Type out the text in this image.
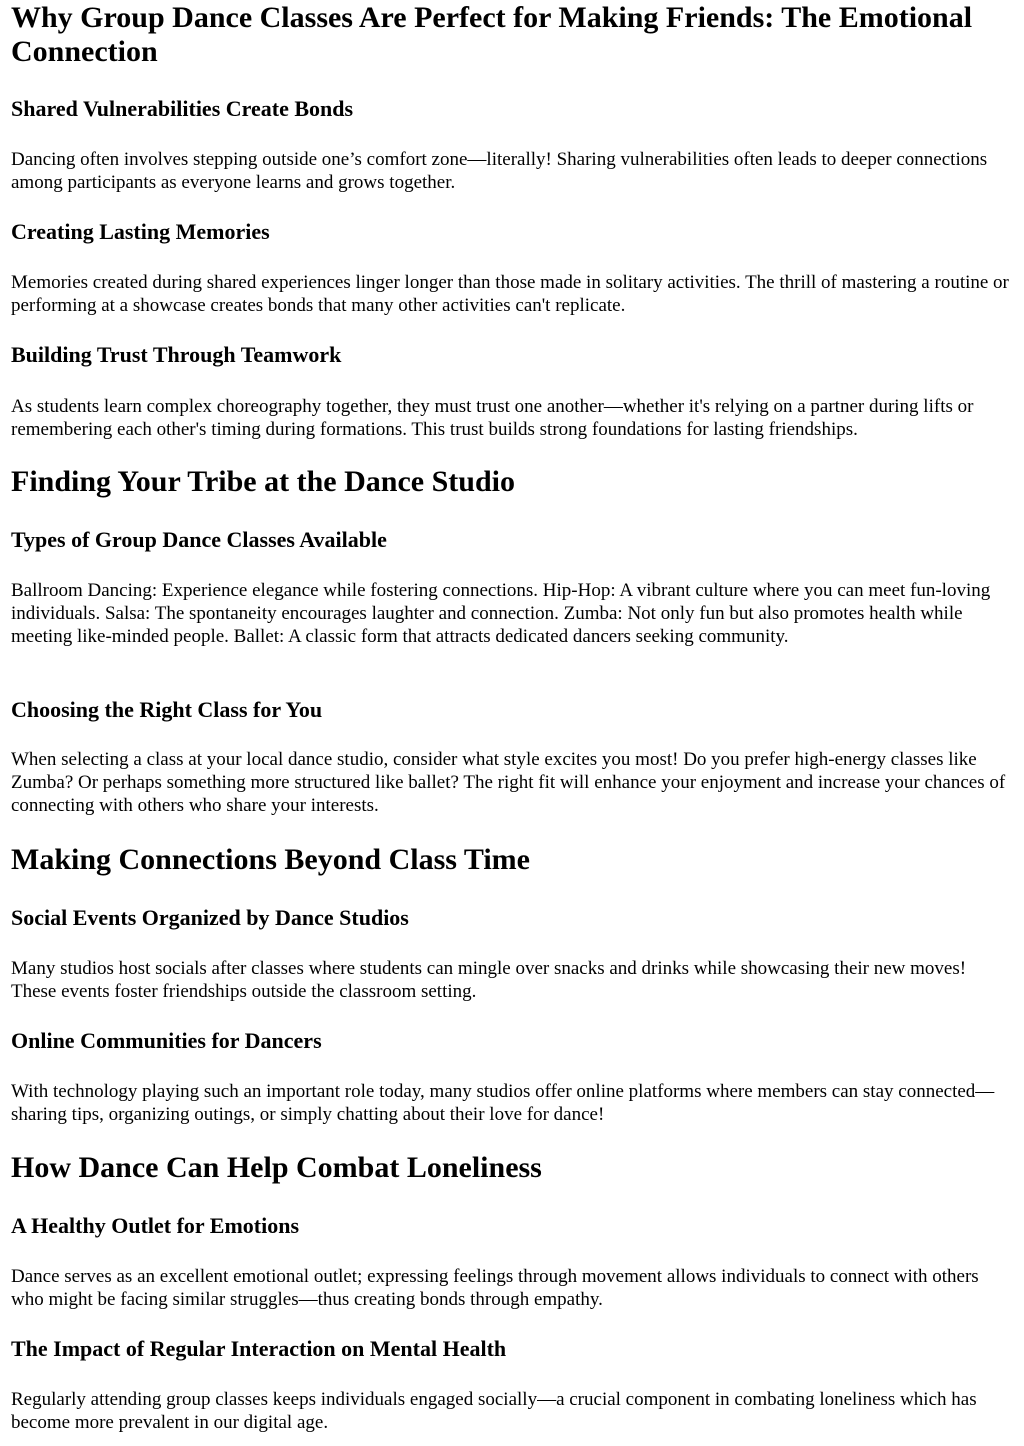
Why Group Dance Classes Are Perfect for Making Friends: The Emotional Connection
Shared Vulnerabilities Create Bonds

Dancing often involves stepping outside one’s comfort zone—literally! Sharing vulnerabilities often leads to deeper connections among participants as everyone learns and grows together.

Creating Lasting Memories

Memories created during shared experiences linger longer than those made in solitary activities. The thrill of mastering a routine or performing at a showcase creates bonds that many other activities can't replicate.

Building Trust Through Teamwork

As students learn complex choreography together, they must trust one another—whether it's relying on a partner during lifts or remembering each other's timing during formations. This trust builds strong foundations for lasting friendships.

Finding Your Tribe at the Dance Studio
Types of Group Dance Classes Available

Ballroom Dancing: Experience elegance while fostering connections. Hip-Hop: A vibrant culture where you can meet fun-loving individuals. Salsa: The spontaneity encourages laughter and connection. Zumba: Not only fun but also promotes health while meeting like-minded people. Ballet: A classic form that attracts dedicated dancers seeking community.

Choosing the Right Class for You

When selecting a class at your local dance studio, consider what style excites you most! Do you prefer high-energy classes like Zumba? Or perhaps something more structured like ballet? The right fit will enhance your enjoyment and increase your chances of connecting with others who share your interests.

Making Connections Beyond Class Time
Social Events Organized by Dance Studios

Many studios host socials after classes where students can mingle over snacks and drinks while showcasing their new moves! These events foster friendships outside the classroom setting.

Online Communities for Dancers

With technology playing such an important role today, many studios offer online platforms where members can stay connected—sharing tips, organizing outings, or simply chatting about their love for dance!

How Dance Can Help Combat Loneliness
A Healthy Outlet for Emotions

Dance serves as an excellent emotional outlet; expressing feelings through movement allows individuals to connect with others who might be facing similar struggles—thus creating bonds through empathy.

The Impact of Regular Interaction on Mental Health

Regularly attending group classes keeps individuals engaged socially—a crucial component in combating loneliness which has become more prevalent in our digital age.
